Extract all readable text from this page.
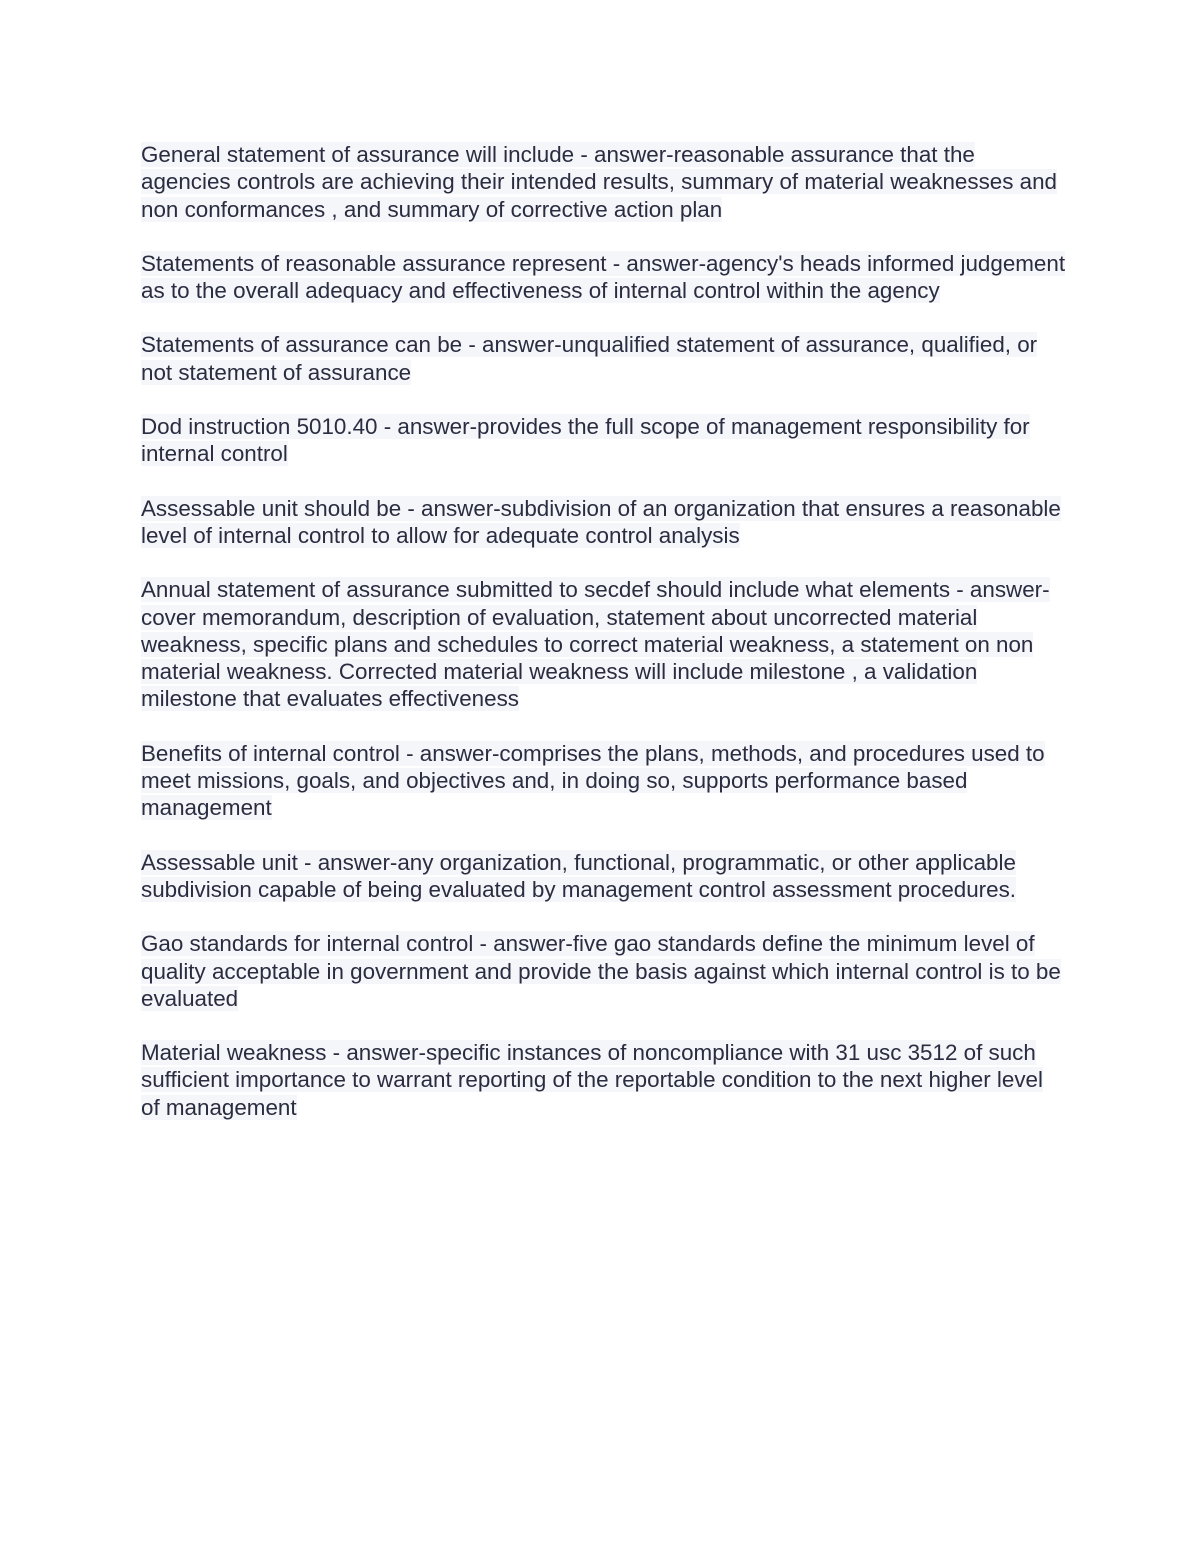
General statement of assurance will include - answer-reasonable assurance that the agencies controls are achieving their intended results, summary of material weaknesses and non conformances , and summary of corrective action plan

Statements of reasonable assurance represent - answer-agency's heads informed judgement as to the overall adequacy and effectiveness of internal control within the agency

Statements of assurance can be - answer-unqualified statement of assurance, qualified, or not statement of assurance

Dod instruction 5010.40 - answer-provides the full scope of management responsibility for internal control

Assessable unit should be - answer-subdivision of an organization that ensures a reasonable level of internal control to allow for adequate control analysis

Annual statement of assurance submitted to secdef should include what elements - answer-cover memorandum, description of evaluation, statement about uncorrected material weakness, specific plans and schedules to correct material weakness, a statement on non material weakness. Corrected material weakness will include milestone , a validation milestone that evaluates effectiveness

Benefits of internal control - answer-comprises the plans, methods, and procedures used to meet missions, goals, and objectives and, in doing so, supports performance based management

Assessable unit - answer-any organization, functional, programmatic, or other applicable subdivision capable of being evaluated by management control assessment procedures.

Gao standards for internal control - answer-five gao standards define the minimum level of quality acceptable in government and provide the basis against which internal control is to be evaluated

Material weakness - answer-specific instances of noncompliance with 31 usc 3512 of such sufficient importance to warrant reporting of the reportable condition to the next higher level of management
